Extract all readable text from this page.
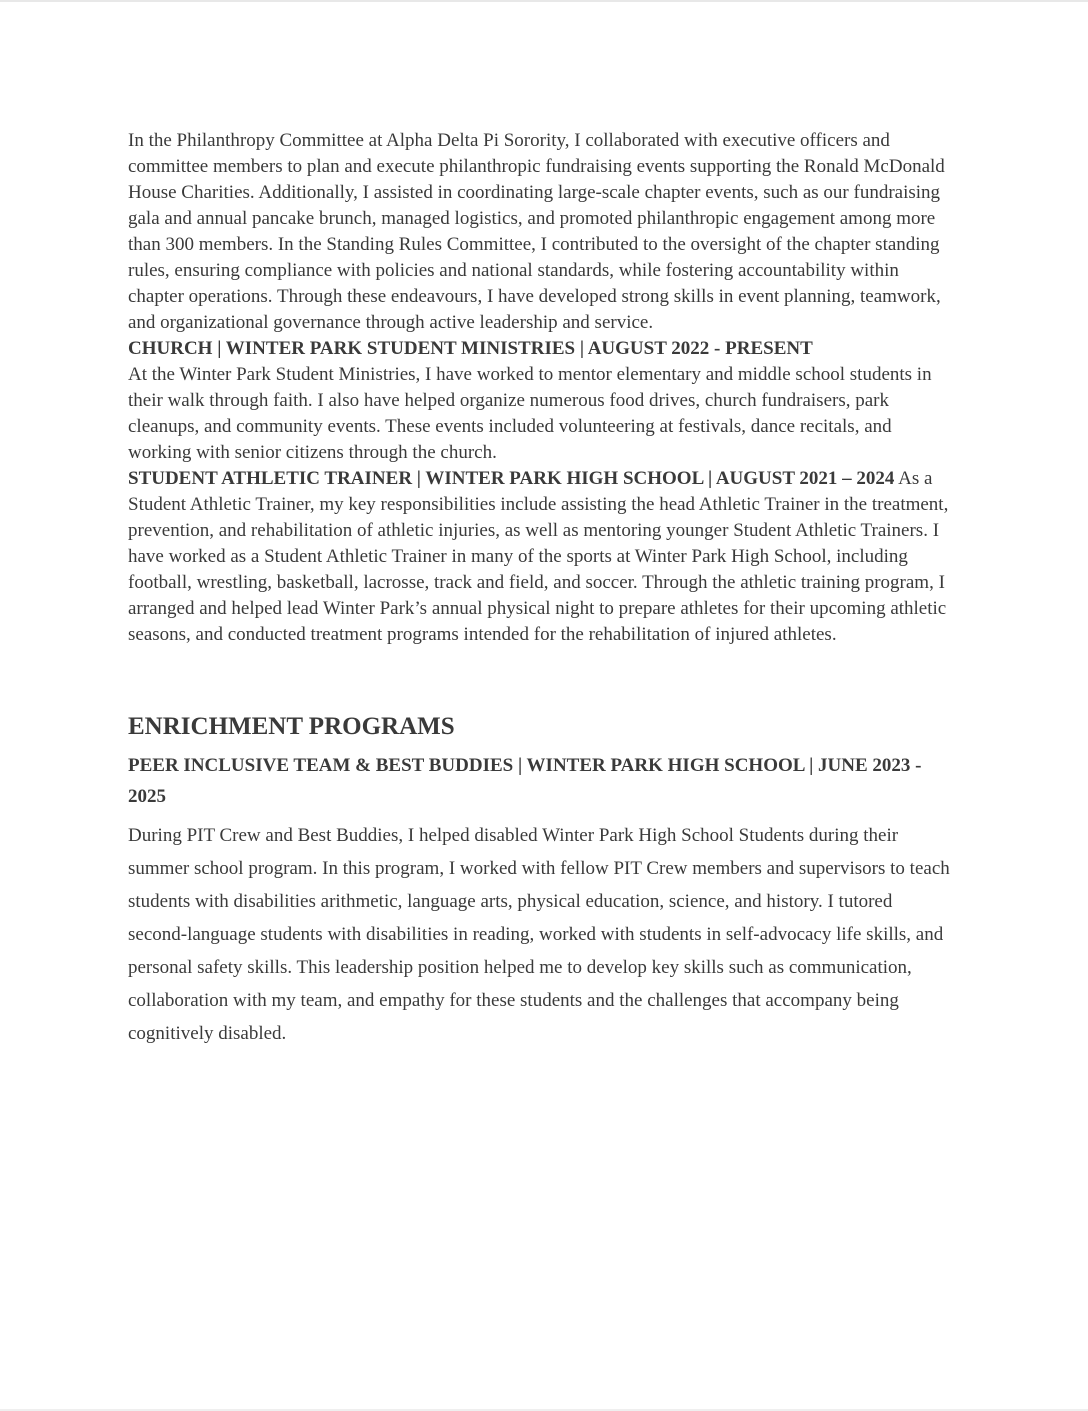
In the Philanthropy Committee at Alpha Delta Pi Sorority, I collaborated with executive officers and committee members to plan and execute philanthropic fundraising events supporting the Ronald McDonald House Charities. Additionally, I assisted in coordinating large-scale chapter events, such as our fundraising gala and annual pancake brunch, managed logistics, and promoted philanthropic engagement among more than 300 members. In the Standing Rules Committee, I contributed to the oversight of the chapter standing rules, ensuring compliance with policies and national standards, while fostering accountability within chapter operations. Through these endeavours, I have developed strong skills in event planning, teamwork, and organizational governance through active leadership and service.

CHURCH | WINTER PARK STUDENT MINISTRIES | AUGUST 2022 - PRESENT

At the Winter Park Student Ministries, I have worked to mentor elementary and middle school students in their walk through faith. I also have helped organize numerous food drives, church fundraisers, park cleanups, and community events. These events included volunteering at festivals, dance recitals, and working with senior citizens through the church.

STUDENT ATHLETIC TRAINER | WINTER PARK HIGH SCHOOL | AUGUST 2021 – 2024 As a Student Athletic Trainer, my key responsibilities include assisting the head Athletic Trainer in the treatment, prevention, and rehabilitation of athletic injuries, as well as mentoring younger Student Athletic Trainers. I have worked as a Student Athletic Trainer in many of the sports at Winter Park High School, including football, wrestling, basketball, lacrosse, track and field, and soccer. Through the athletic training program, I arranged and helped lead Winter Park’s annual physical night to prepare athletes for their upcoming athletic seasons, and conducted treatment programs intended for the rehabilitation of injured athletes.

ENRICHMENT PROGRAMS

PEER INCLUSIVE TEAM & BEST BUDDIES | WINTER PARK HIGH SCHOOL | JUNE 2023 - 2025

During PIT Crew and Best Buddies, I helped disabled Winter Park High School Students during their summer school program. In this program, I worked with fellow PIT Crew members and supervisors to teach students with disabilities arithmetic, language arts, physical education, science, and history. I tutored second-language students with disabilities in reading, worked with students in self-advocacy life skills, and personal safety skills. This leadership position helped me to develop key skills such as communication, collaboration with my team, and empathy for these students and the challenges that accompany being cognitively disabled.
